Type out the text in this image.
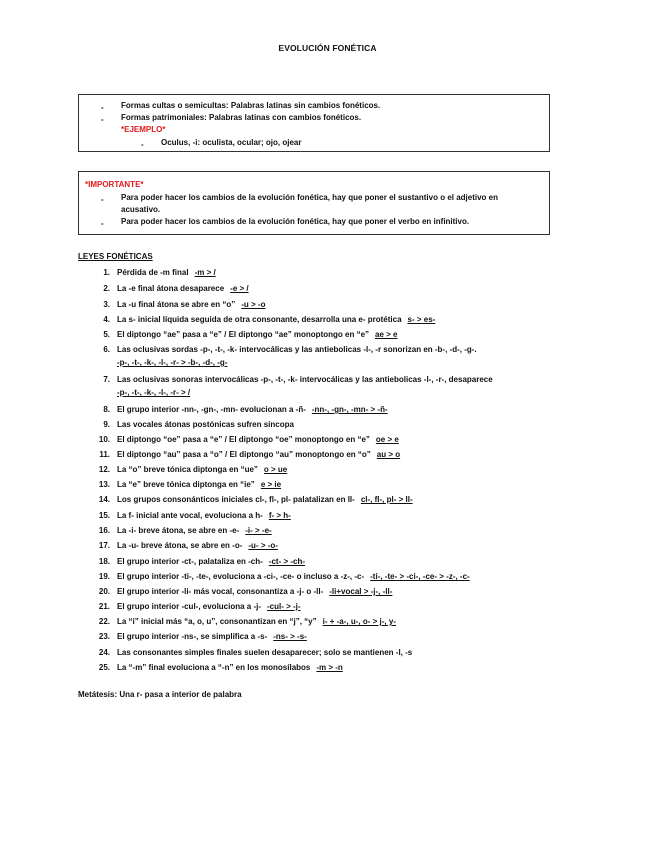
EVOLUCIÓN FONÉTICA
- Formas cultas o semicultas: Palabras latinas sin cambios fonéticos.
- Formas patrimoniales: Palabras latinas con cambios fonéticos.
*EJEMPLO*
- Oculus, -i: oculista, ocular; ojo, ojear
*IMPORTANTE*
- Para poder hacer los cambios de la evolución fonética, hay que poner el sustantivo o el adjetivo en
acusativo.
- Para poder hacer los cambios de la evolución fonética, hay que poner el verbo en infinitivo.
LEYES FONÉTICAS
1. Pérdida de -m final -m > /
2. La -e final átona desaparece -e > /
3. La -u final átona se abre en “o” -u > -o
4. La s- inicial líquida seguida de otra consonante, desarrolla una e- protética s- > es-
5. El diptongo “ae” pasa a “e” / El diptongo “ae” monoptongo en “e” ae > e
-p-, -t-, -k-, -l-, -r- > -b-, -d-, -g-
6. Las oclusivas sordas -p-, -t-, -k- intervocálicas y las antiebolicas -l-, -r sonorizan en -b-, -d-, -g-.
-p-, -t-, -k-, -l-, -r- > /
7. Las oclusivas sonoras intervocálicas -p-, -t-, -k- intervocálicas y las antiebolicas -l-, -r-, desaparece
8. El grupo interior -nn-, -gn-, -mn- evolucionan a -ñ- -nn-, -gn-, -mn- > -ñ-
9. Las vocales átonas postónicas sufren síncopa
10. El diptongo “oe” pasa a “e” / El diptongo “oe” monoptongo en “e” oe > e
11. El diptongo “au” pasa a “o” / El diptongo “au” monoptongo en “o” au > o
12. La “o” breve tónica diptonga en “ue” o > ue
13. La “e” breve tónica diptonga en “ie” e > ie
14. Los grupos consonánticos iniciales cl-, fl-, pl- palatalizan en ll- cl-, fl-, pl- > ll-
15. La f- inicial ante vocal, evoluciona a h- f- > h-
16. La -i- breve átona, se abre en -e- -i- > -e-
17. La -u- breve átona, se abre en -o- -u- > -o-
18. El grupo interior -ct-, palataliza en -ch- -ct- > -ch-
19. El grupo interior -ti-, -te-, evoluciona a -ci-, -ce- o incluso a -z-, -c- -ti-, -te- > -ci-, -ce- > -z-, -c-
20. El grupo interior -li- más vocal, consonantiza a -j- o -ll- -li+vocal > -j-, -ll-
21. El grupo interior -cul-, evoluciona a -j- -cul- > -j-
22. La “i” inicial más “a, o, u”, consonantizan en “j”, “y” i- + -a-, u-, o- > j-, y-
23. El grupo interior -ns-, se simplifica a -s- -ns- > -s-
24. Las consonantes simples finales suelen desaparecer; solo se mantienen -l, -s
25. La “-m” final evoluciona a “-n” en los monosílabos -m > -n
Metátesis: Una r- pasa a interior de palabra
